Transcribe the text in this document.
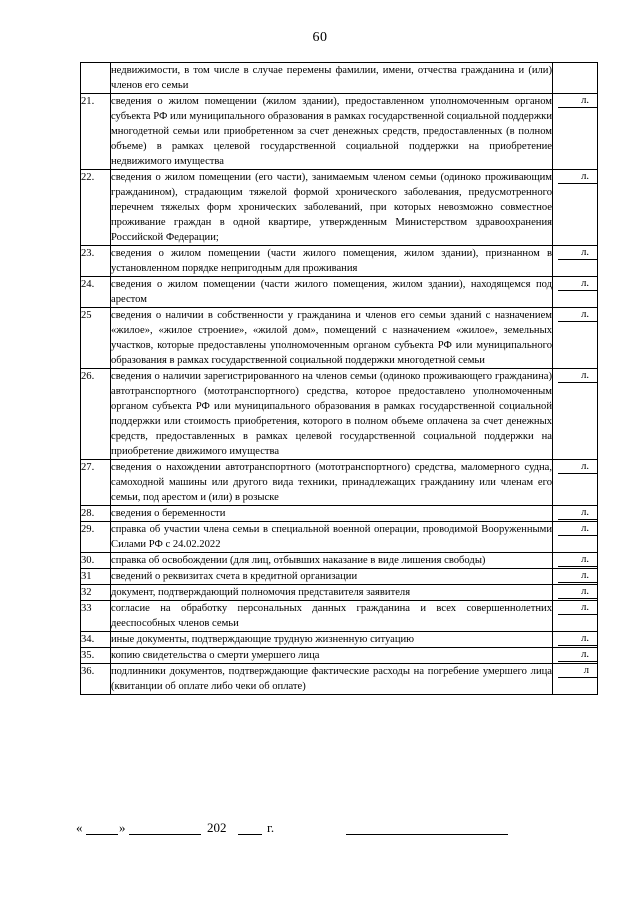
60
	недвижимости, в том числе в случае перемены фамилии, имени, отчества гражданина и (или) членов его семьи	
21.	сведения о жилом помещении (жилом здании), предоставленном уполномоченным органом субъекта РФ или муниципального образования в рамках государственной социальной поддержки многодетной семьи или приобретенном за счет денежных средств, предоставленных (в полном объеме) в рамках целевой государственной социальной поддержки на приобретение недвижимого имущества	л.

22.	сведения о жилом помещении (его части), занимаемым членом семьи (одиноко проживающим гражданином), страдающим тяжелой формой хронического заболевания, предусмотренного перечнем тяжелых форм хронических заболеваний, при которых невозможно совместное проживание граждан в одной квартире, утвержденным Министерством здравоохранения Российской Федерации;	л.

23.	сведения о жилом помещении (части жилого помещения, жилом здании), признанном в установленном порядке непригодным для проживания	л.

24.	сведения о жилом помещении (части жилого помещения, жилом здании), находящемся под арестом	л.

25	сведения о наличии в собственности у гражданина и членов его семьи зданий с назначением «жилое», «жилое строение», «жилой дом», помещений с назначением «жилое», земельных участков, которые предоставлены уполномоченным органом субъекта РФ или муниципального образования в рамках государственной социальной поддержки многодетной семьи	л.

26.	сведения о наличии зарегистрированного на членов семьи (одиноко проживающего гражданина) автотранспортного (мототранспортного) средства, которое предоставлено уполномоченным органом субъекта РФ или муниципального образования в рамках государственной социальной поддержки или стоимость приобретения, которого в полном объеме оплачена за счет денежных средств, предоставленных в рамках целевой государственной социальной поддержки на приобретение движимого имущества	л.

27.	сведения о нахождении автотранспортного (мототранспортного) средства, маломерного судна, самоходной машины или другого вида техники, принадлежащих гражданину или членам его семьи, под арестом и (или) в розыске	л.

28.	сведения о беременности	л.

29.	справка об участии члена семьи в специальной военной операции, проводимой Вооруженными Силами РФ с 24.02.2022	л.

30.	справка об освобождении (для лиц, отбывших наказание в виде лишения свободы)	л.

31	сведений о реквизитах счета в кредитной организации	л.

32	документ, подтверждающий полномочия представителя заявителя	л.

33	согласие на обработку персональных данных гражданина и всех совершеннолетних дееспособных членов семьи	л.

34.	иные документы, подтверждающие трудную жизненную ситуацию	л.

35.	копию свидетельства о смерти умершего лица	л.

36.	подлинники документов, подтверждающие фактические расходы на погребение умершего лица (квитанции об оплате либо чеки об оплате)	л
«	»	202	г.
